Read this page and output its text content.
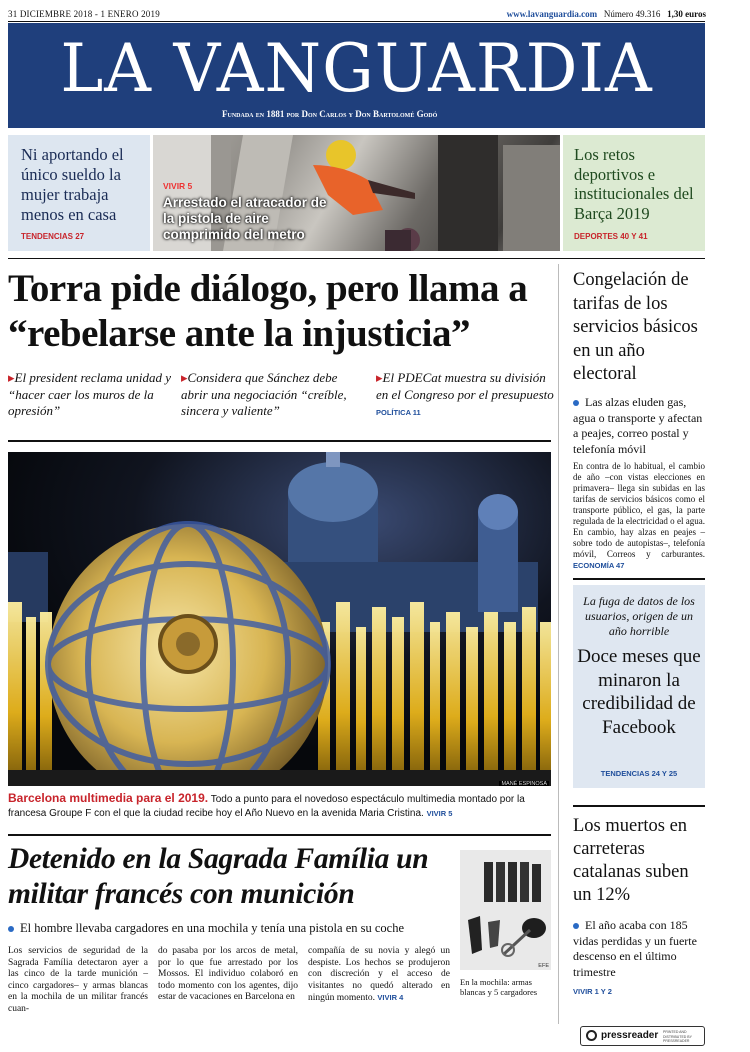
31 DICIEMBRE 2018 - 1 ENERO 2019	www.lavanguardia.com Número 49.316 1,30 euros
LA VANGUARDIA
Fundada en 1881 por Don Carlos y Don Bartolomé Godó
Ni aportando el único sueldo la mujer trabaja menos en casa
TENDENCIAS 27
VIVIR 5
Arrestado el atracador de la pistola de aire comprimido del metro
Los retos deportivos e institucionales del Barça 2019
DEPORTES 40 Y 41
Torra pide diálogo, pero llama a “rebelarse ante la injusticia”
▸El president reclama unidad y “hacer caer los muros de la opresión”
▸Considera que Sánchez debe abrir una negociación “creíble, sincera y valiente”
▸El PDECat muestra su división en el Congreso por el presupuesto POLÍTICA 11
MANÉ ESPINOSA
Barcelona multimedia para el 2019. Todo a punto para el novedoso espectáculo multimedia montado por la francesa Groupe F con el que la ciudad recibe hoy el Año Nuevo en la avenida Maria Cristina. VIVIR 5
Detenido en la Sagrada Família un militar francés con munición
El hombre llevaba cargadores en una mochila y tenía una pistola en su coche
Los servicios de seguridad de la Sagrada Família detectaron ayer a las cinco de la tarde munición –cinco cargadores– y armas blancas en la mochila de un militar francés cuan-
do pasaba por los arcos de metal, por lo que fue arrestado por los Mossos. El individuo colaboró en todo momento con los agentes, dijo estar de vacaciones en Barcelona en
compañía de su novia y alegó un despiste. Los hechos se produjeron con discreción y el acceso de visitantes no quedó alterado en ningún momento. VIVIR 4
EFE
En la mochila: armas blancas y 5 cargadores
Congelación de tarifas de los servicios básicos en un año electoral
Las alzas eluden gas, agua o transporte y afectan a peajes, correo postal y telefonía móvil
En contra de lo habitual, el cambio de año –con vistas elecciones en primavera– llega sin subidas en las tarifas de servicios básicos como el transporte público, el gas, la parte regulada de la electricidad o el agua. En cambio, hay alzas en peajes –sobre todo de autopistas–, telefonía móvil, Correos y carburantes. ECONOMÍA 47
La fuga de datos de los usuarios, origen de un año horrible
Doce meses que minaron la credibilidad de Facebook
TENDENCIAS 24 Y 25
Los muertos en carreteras catalanas suben un 12%
El año acaba con 185 vidas perdidas y un fuerte descenso en el último trimestre
VIVIR 1 Y 2
pressreader PRINTED AND DISTRIBUTED BY PRESSREADER
